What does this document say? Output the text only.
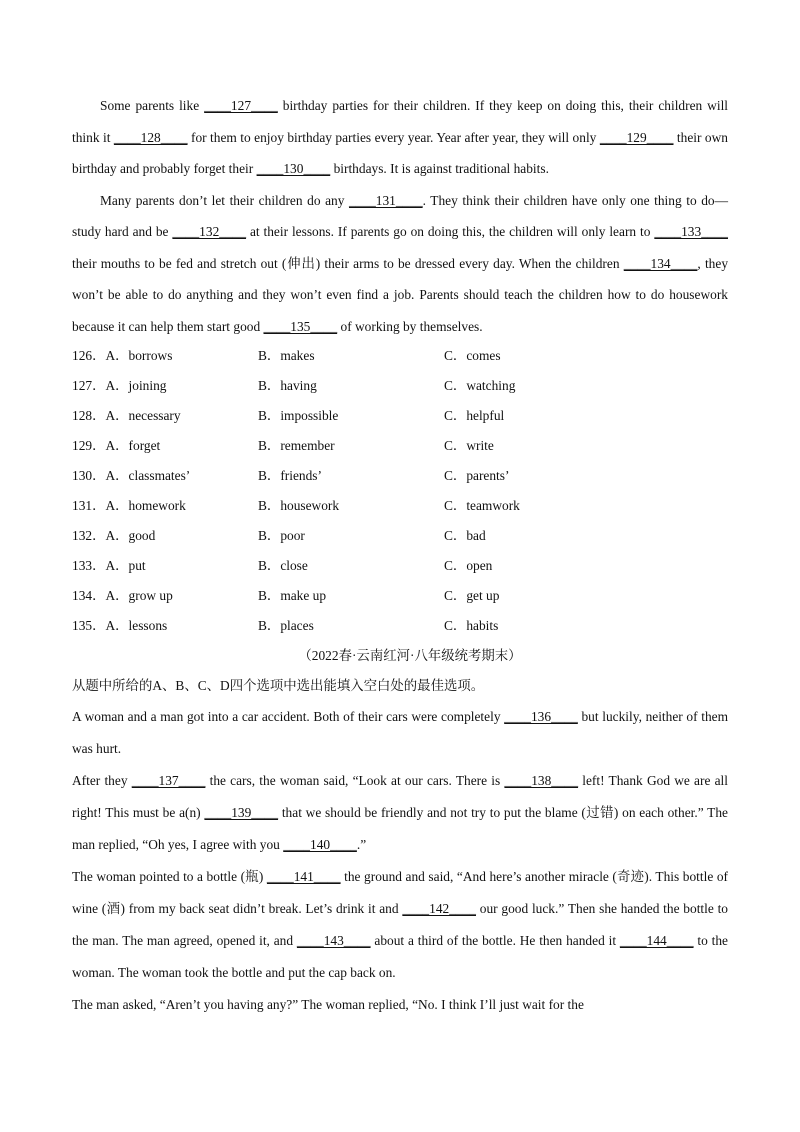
Some parents like ____127____ birthday parties for their children. If they keep on doing this, their children will think it ____128____ for them to enjoy birthday parties every year. Year after year, they will only ____129____ their own birthday and probably forget their ____130____ birthdays. It is against traditional habits.
Many parents don’t let their children do any ____131____. They think their children have only one thing to do—study hard and be ____132____ at their lessons. If parents go on doing this, the children will only learn to ____133____ their mouths to be fed and stretch out (伸出) their arms to be dressed every day. When the children ____134____, they won’t be able to do anything and they won’t even find a job. Parents should teach the children how to do housework because it can help them start good ____135____ of working by themselves.
126．A．borrows	B．makes	C．comes
127．A．joining	B．having	C．watching
128．A．necessary	B．impossible	C．helpful
129．A．forget	B．remember	C．write
130．A．classmates’	B．friends’	C．parents’
131．A．homework	B．housework	C．teamwork
132．A．good	B．poor	C．bad
133．A．put	B．close	C．open
134．A．grow up	B．make up	C．get up
135．A．lessons	B．places	C．habits
（2022春·云南红河·八年级统考期末）
从题中所给的A、B、C、D四个选项中选出能填入空白处的最佳选项。
A woman and a man got into a car accident. Both of their cars were completely ____136____ but luckily, neither of them was hurt.
After they ____137____ the cars, the woman said, “Look at our cars. There is ____138____ left! Thank God we are all right! This must be a(n) ____139____ that we should be friendly and not try to put the blame (过错) on each other.” The man replied, “Oh yes, I agree with you ____140____.”
The woman pointed to a bottle (瓶) ____141____ the ground and said, “And here’s another miracle (奇迹). This bottle of wine (酒) from my back seat didn’t break. Let’s drink it and ____142____ our good luck.” Then she handed the bottle to the man. The man agreed, opened it, and ____143____ about a third of the bottle. He then handed it ____144____ to the woman. The woman took the bottle and put the cap back on.
The man asked, “Aren’t you having any?” The woman replied, “No. I think I’ll just wait for the
